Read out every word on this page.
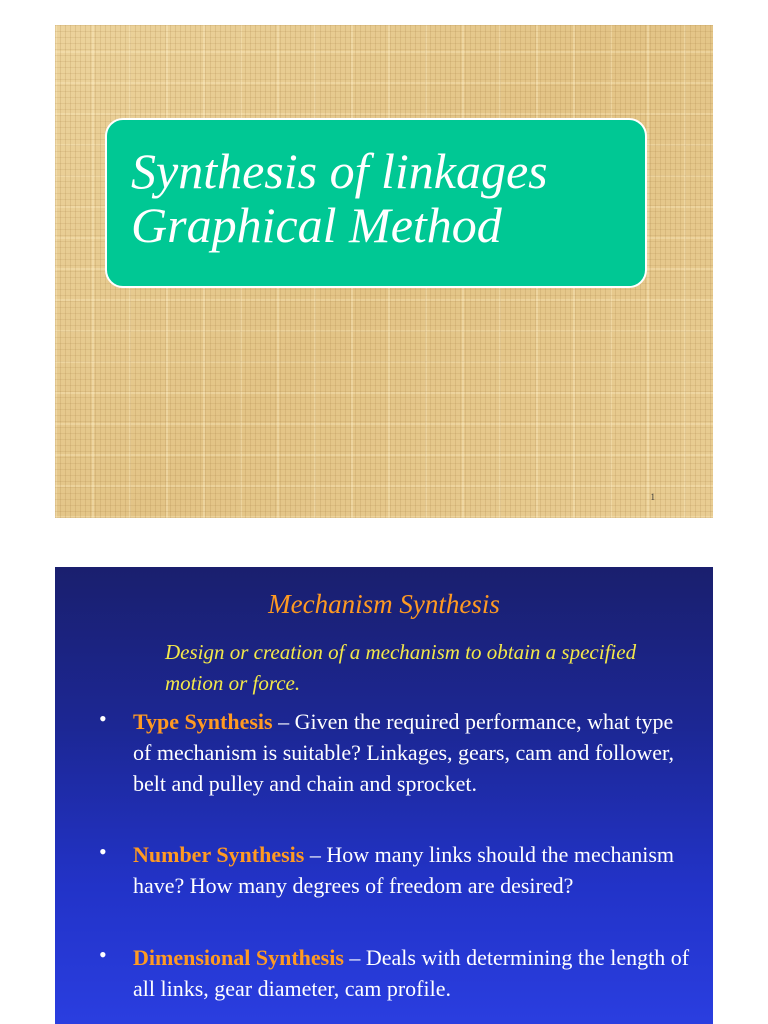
Synthesis of linkages
Graphical Method
1
Mechanism Synthesis
Design or creation of a mechanism to obtain a specified motion or force.
• Type Synthesis – Given the required performance, what type of mechanism is suitable? Linkages, gears, cam and follower, belt and pulley and chain and sprocket.
• Number Synthesis – How many links should the mechanism have? How many degrees of freedom are desired?
• Dimensional Synthesis – Deals with determining the length of all links, gear diameter, cam profile.
